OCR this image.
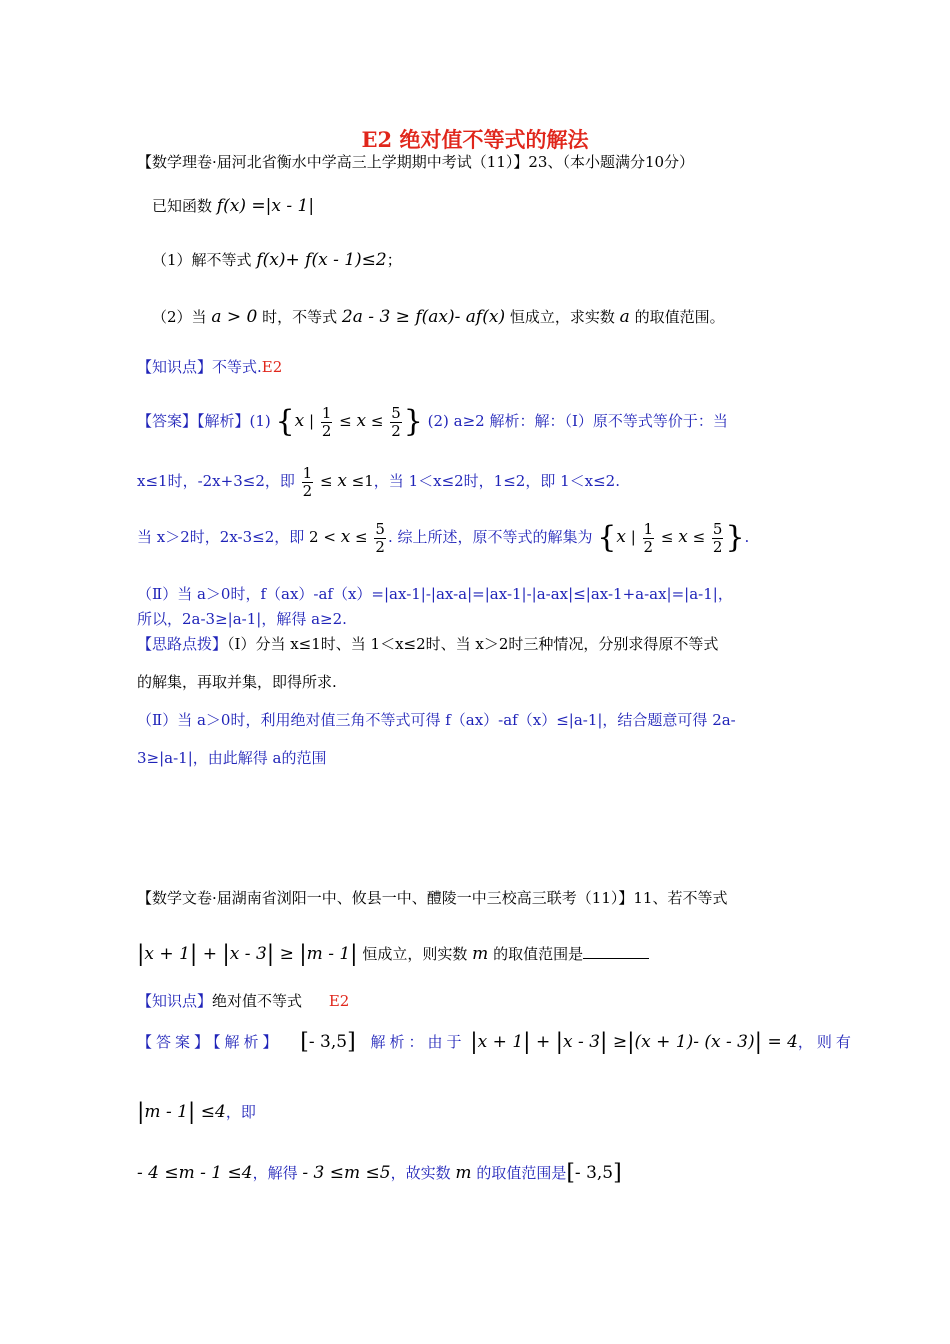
E2 绝对值不等式的解法
【数学理卷·届河北省衡水中学高三上学期期中考试（11）】23、（本小题满分10分）
已知函数 f(x) =|x - 1|
（1）解不等式 f(x)+ f(x - 1)≤2；
（2）当 a > 0 时，不等式 2a - 3 ≥ f(ax)- af(x) 恒成立，求实数 a 的取值范围。
【知识点】不等式.E2
【答案】【解析】(1) {x | $\frac{1}{2} \le x \le \frac{5}{2}$ } (2) a≥2 解析：解：（Ⅰ）原不等式等价于：当
x≤1时，-2x+3≤2，即 $\frac{1}{2} \le x \le 1$，当 1＜x≤2时，1≤2，即 1＜x≤2.
当 x＞2时，2x-3≤2，即 $2 < x \le \frac{5}{2}$ . 综上所述，原不等式的解集为 {x | $\frac{1}{2} \le x \le \frac{5}{2}$ }.
（Ⅱ）当 a＞0时，f（ax）-af（x）=|ax-1|-|ax-a|=|ax-1|-|a-ax|≤|ax-1+a-ax|=|a-1|，
所以，2a-3≥|a-1|，解得 a≥2.
【思路点拨】（Ⅰ）分当 x≤1时、当 1＜x≤2时、当 x＞2时三种情况，分别求得原不等式
的解集，再取并集，即得所求.
（Ⅱ）当 a＞0时，利用绝对值三角不等式可得 f（ax）-af（x）≤|a-1|，结合题意可得 2a-
3≥|a-1|，由此解得 a的范围
【数学文卷·届湖南省浏阳一中、攸县一中、醴陵一中三校高三联考（11）】11、若不等式
|x + 1| + |x - 3| ≥ |m - 1| 恒成立，则实数 m 的取值范围是
【知识点】绝对值不等式 E2
【答案】【解析】 [- 3,5] 解析：由于 |x + 1| + |x - 3| ≥|(x + 1)- (x - 3)| = 4，则有
|m - 1| ≤4，即
- 4 ≤m - 1 ≤4，解得 - 3 ≤m ≤5，故实数 m 的取值范围是[- 3,5]
